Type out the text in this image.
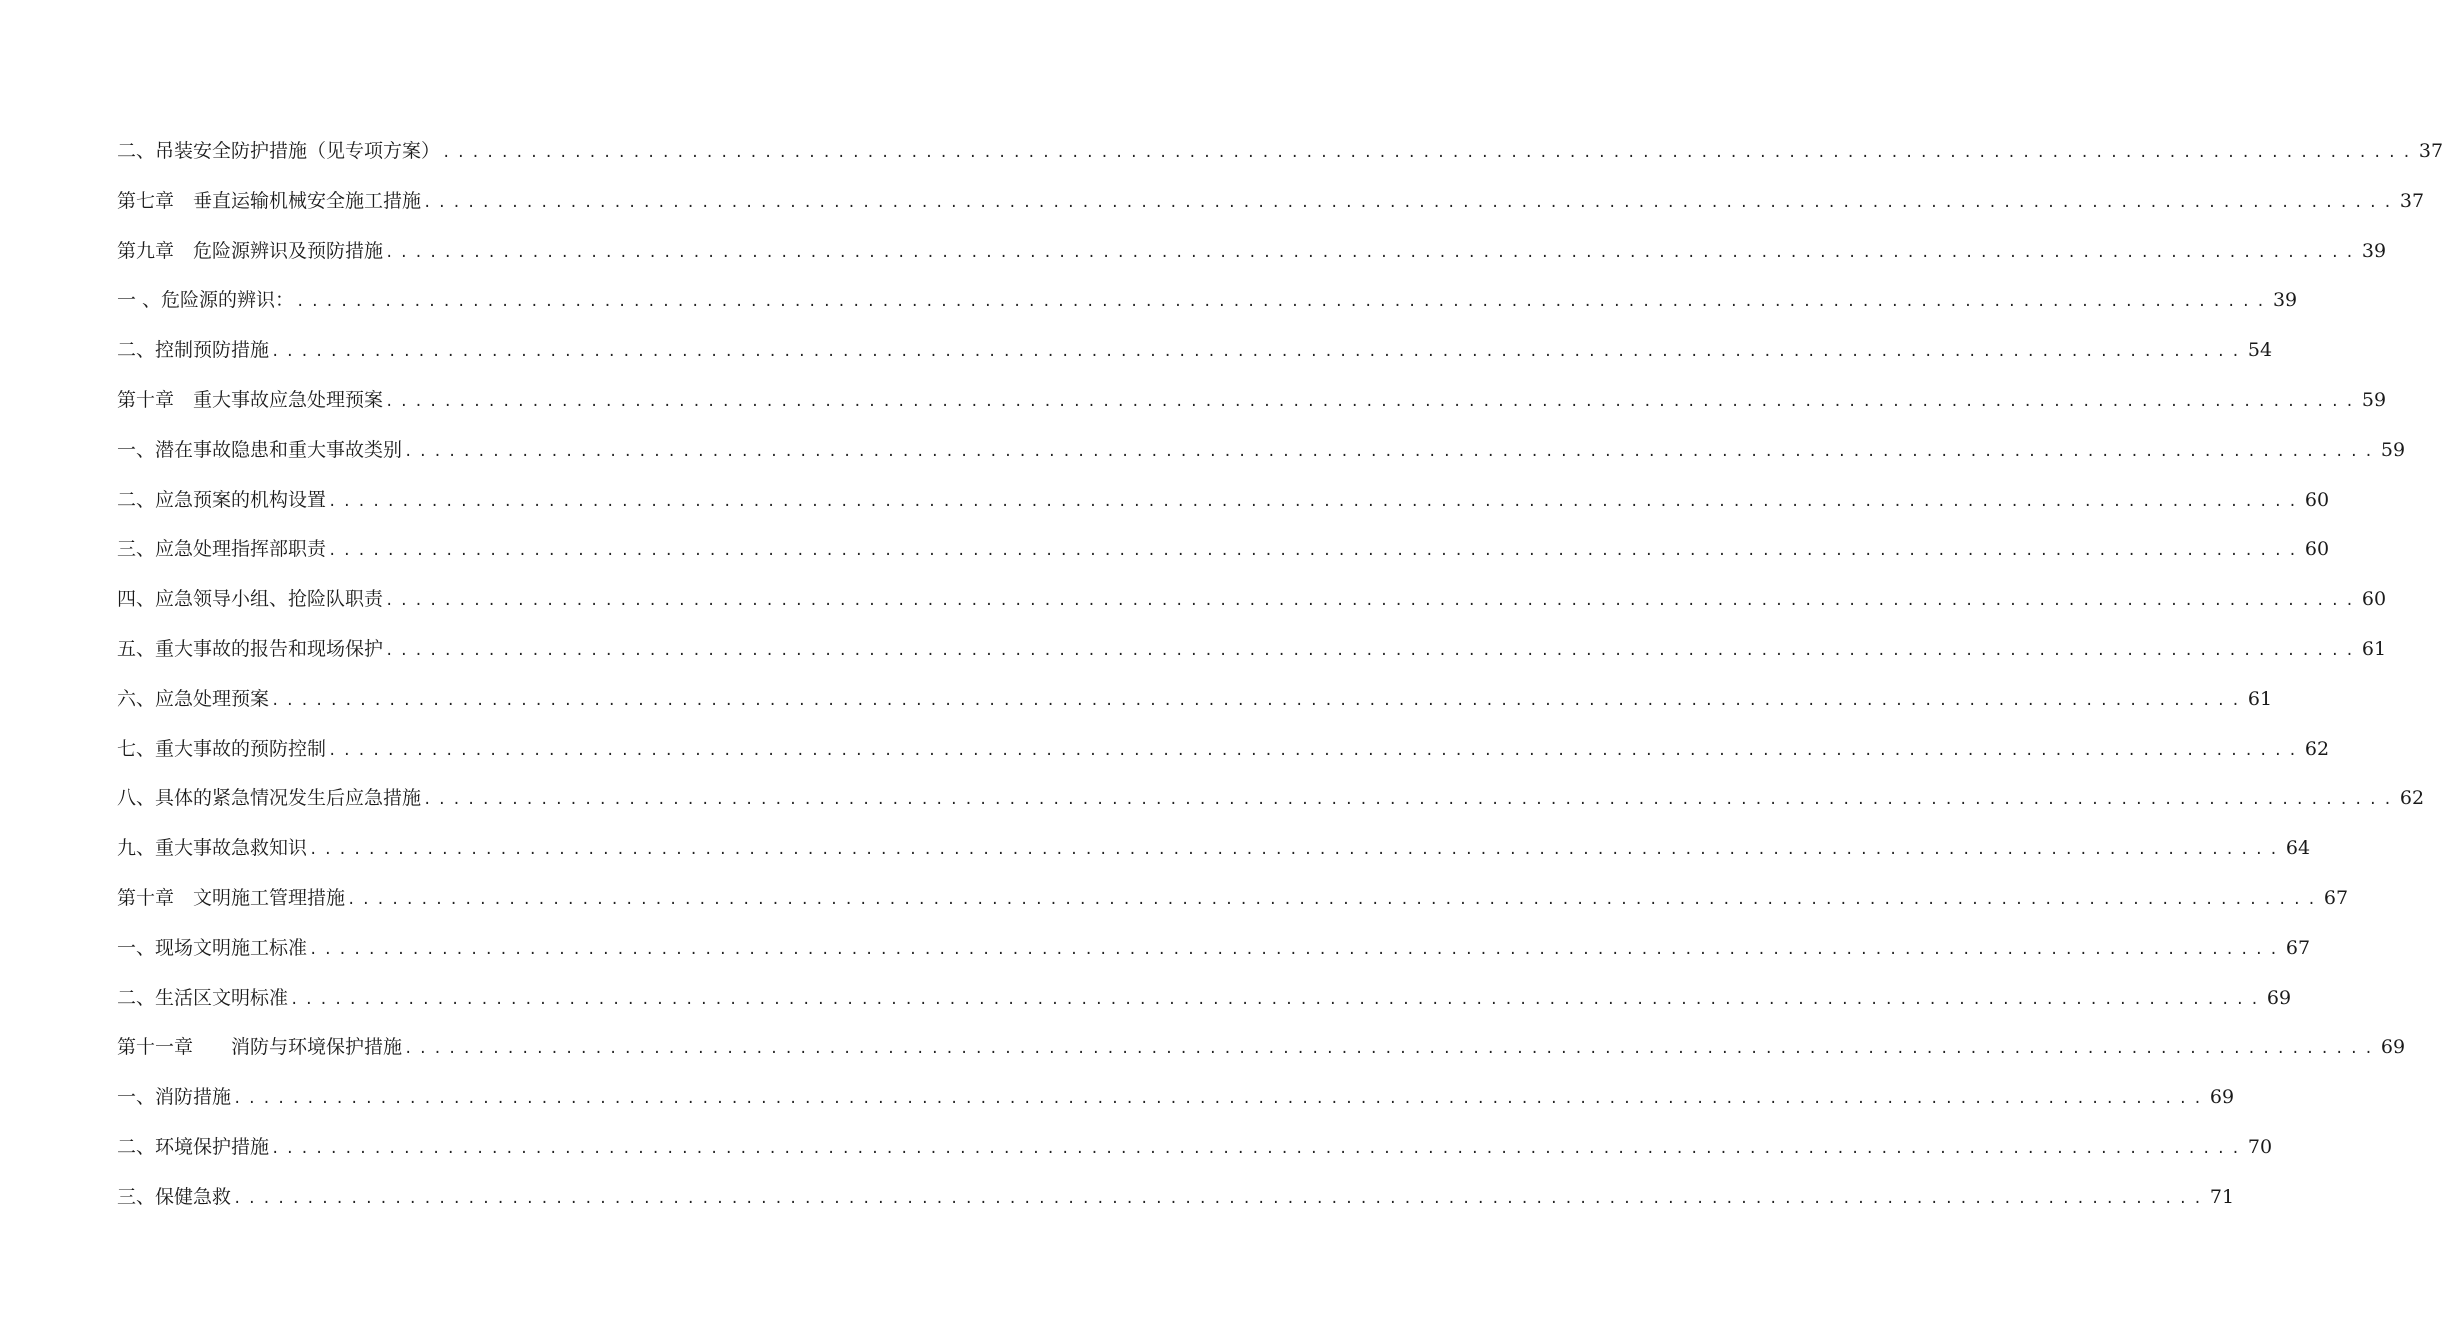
二、吊装安全防护措施（见专项方案） ....................................................................................................................................... 37
第七章　垂直运输机械安全施工措施 ....................................................................................................................................... 37
第九章　危险源辨识及预防措施 ....................................................................................................................................... 39
一 、危险源的辨识： ....................................................................................................................................... 39
二、控制预防措施 ....................................................................................................................................... 54
第十章　重大事故应急处理预案 ....................................................................................................................................... 59
一、潜在事故隐患和重大事故类别 ....................................................................................................................................... 59
二、应急预案的机构设置 ....................................................................................................................................... 60
三、应急处理指挥部职责 ....................................................................................................................................... 60
四、应急领导小组、抢险队职责 ....................................................................................................................................... 60
五、重大事故的报告和现场保护 ....................................................................................................................................... 61
六、应急处理预案 ....................................................................................................................................... 61
七、重大事故的预防控制 ....................................................................................................................................... 62
八、具体的紧急情况发生后应急措施 ....................................................................................................................................... 62
九、重大事故急救知识 ....................................................................................................................................... 64
第十章　文明施工管理措施 ....................................................................................................................................... 67
一、现场文明施工标准 ....................................................................................................................................... 67
二、生活区文明标准 ....................................................................................................................................... 69
第十一章　　消防与环境保护措施 ....................................................................................................................................... 69
一、消防措施 ....................................................................................................................................... 69
二、环境保护措施 ....................................................................................................................................... 70
三、保健急救 ....................................................................................................................................... 71
